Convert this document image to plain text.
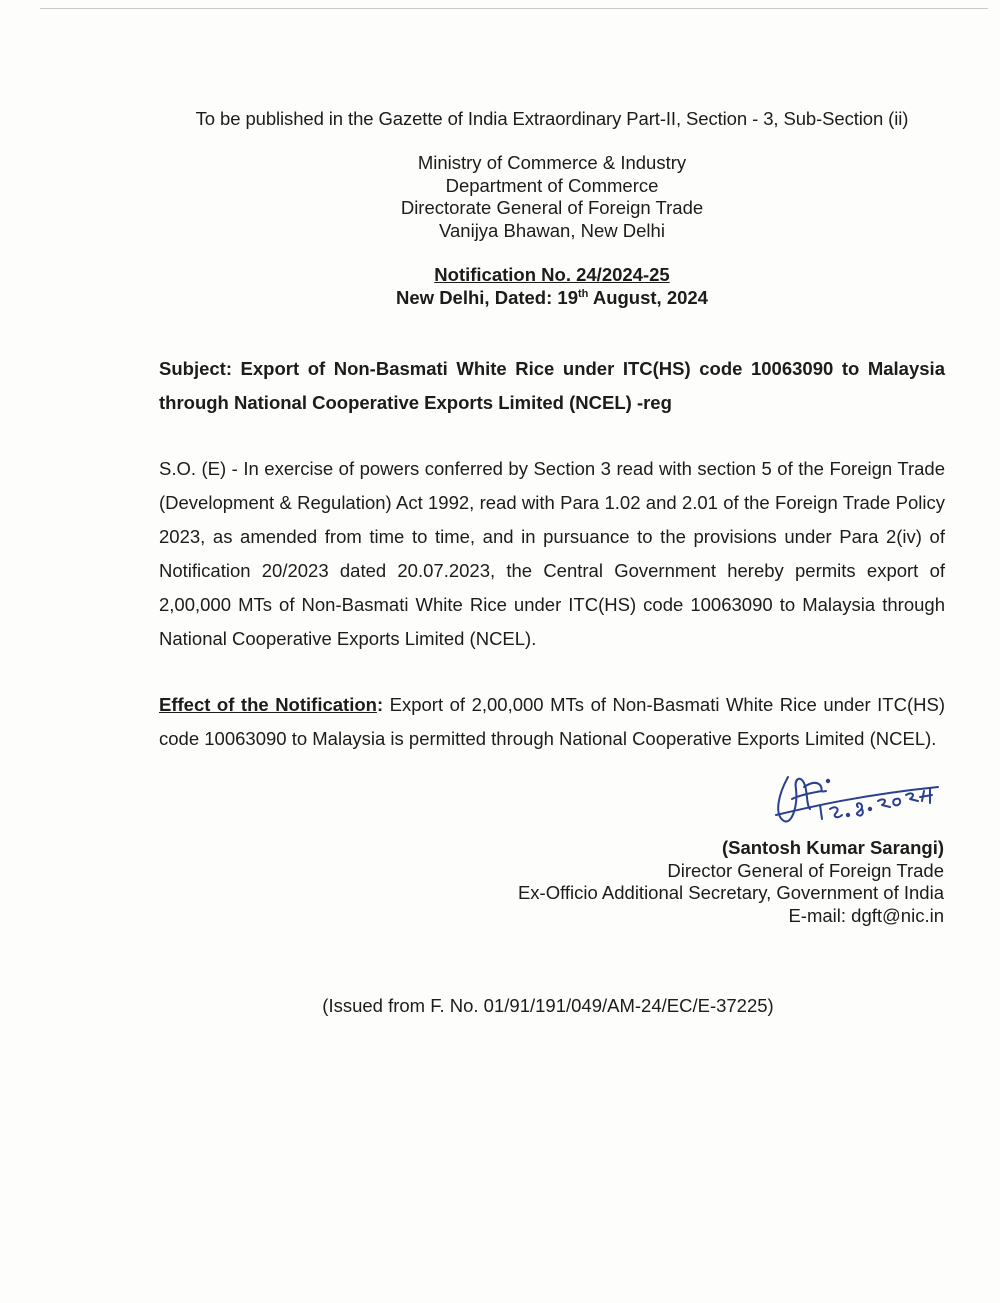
To be published in the Gazette of India Extraordinary Part-II, Section - 3, Sub-Section (ii)
Ministry of Commerce & Industry
Department of Commerce
Directorate General of Foreign Trade
Vanijya Bhawan, New Delhi
Notification No. 24/2024-25
New Delhi, Dated: 19th August, 2024
Subject: Export of Non-Basmati White Rice under ITC(HS) code 10063090 to Malaysia through National Cooperative Exports Limited (NCEL) -reg
S.O. (E) - In exercise of powers conferred by Section 3 read with section 5 of the Foreign Trade (Development & Regulation) Act 1992, read with Para 1.02 and 2.01 of the Foreign Trade Policy 2023, as amended from time to time, and in pursuance to the provisions under Para 2(iv) of Notification 20/2023 dated 20.07.2023, the Central Government hereby permits export of 2,00,000 MTs of Non-Basmati White Rice under ITC(HS) code 10063090 to Malaysia through National Cooperative Exports Limited (NCEL).
Effect of the Notification: Export of 2,00,000 MTs of Non-Basmati White Rice under ITC(HS) code 10063090 to Malaysia is permitted through National Cooperative Exports Limited (NCEL).
(Santosh Kumar Sarangi)
Director General of Foreign Trade
Ex-Officio Additional Secretary, Government of India
E-mail: dgft@nic.in
(Issued from F. No. 01/91/191/049/AM-24/EC/E-37225)
